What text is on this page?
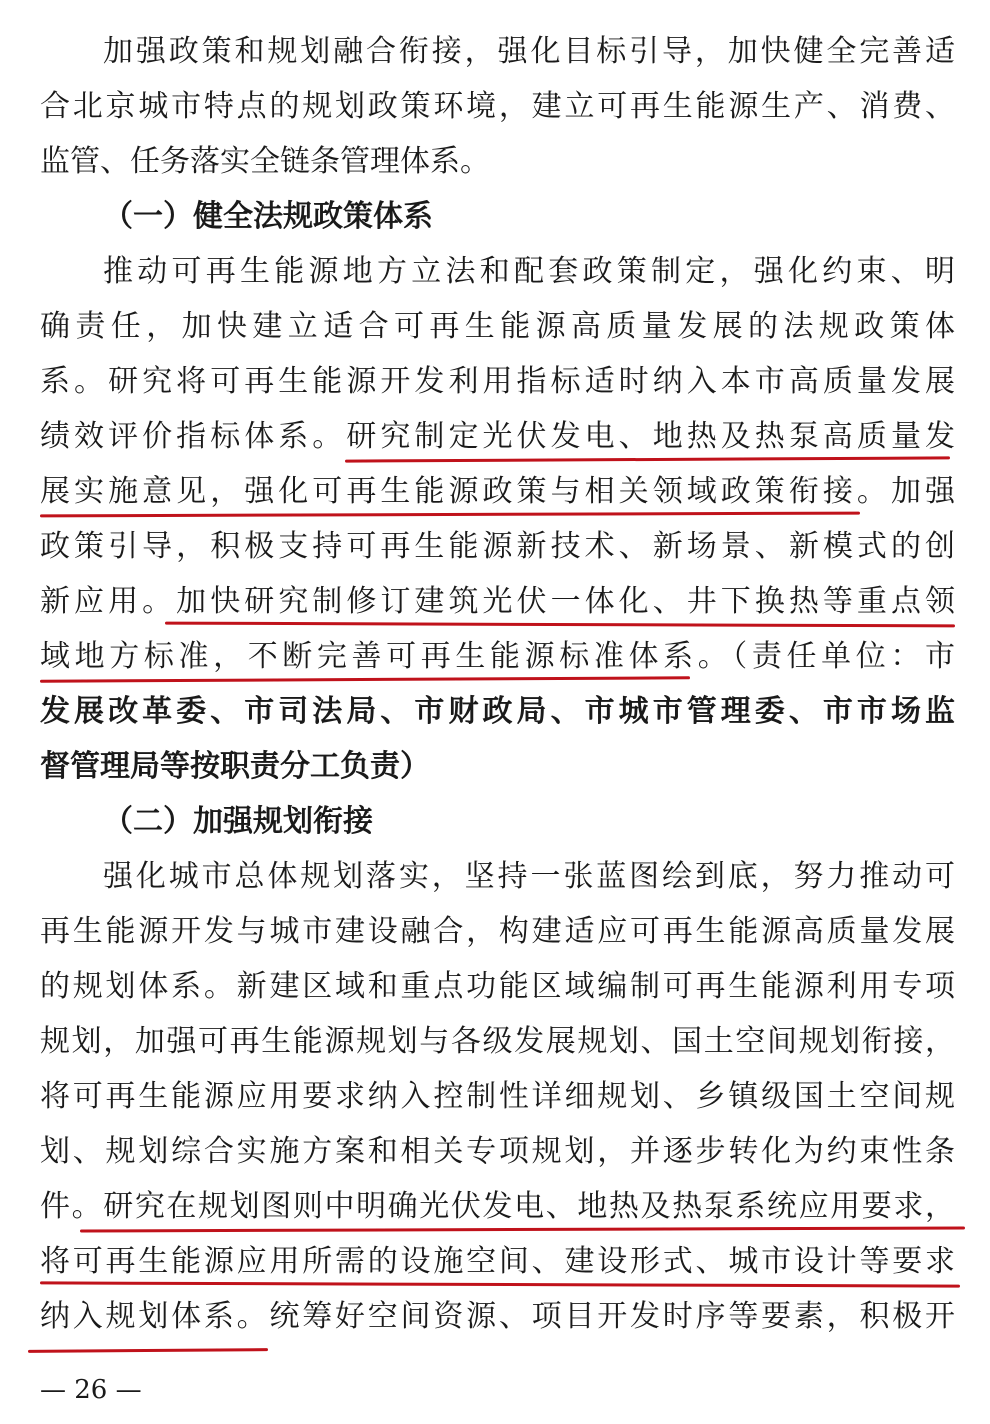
加强政策和规划融合衔接，强化目标引导，加快健全完善适
合北京城市特点的规划政策环境，建立可再生能源生产、消费、
监管、任务落实全链条管理体系。
（一）健全法规政策体系
推动可再生能源地方立法和配套政策制定，强化约束、明
确责任，加快建立适合可再生能源高质量发展的法规政策体
系。研究将可再生能源开发利用指标适时纳入本市高质量发展
绩效评价指标体系。研究制定光伏发电、地热及热泵高质量发
展实施意见，强化可再生能源政策与相关领域政策衔接。加强
政策引导，积极支持可再生能源新技术、新场景、新模式的创
新应用。加快研究制修订建筑光伏一体化、井下换热等重点领
域地方标准，不断完善可再生能源标准体系。（责任单位：市
发展改革委、市司法局、市财政局、市城市管理委、市市场监
督管理局等按职责分工负责）
（二）加强规划衔接
强化城市总体规划落实，坚持一张蓝图绘到底，努力推动可
再生能源开发与城市建设融合，构建适应可再生能源高质量发展
的规划体系。新建区域和重点功能区域编制可再生能源利用专项
规划，加强可再生能源规划与各级发展规划、国土空间规划衔接，
将可再生能源应用要求纳入控制性详细规划、乡镇级国土空间规
划、规划综合实施方案和相关专项规划，并逐步转化为约束性条
件。研究在规划图则中明确光伏发电、地热及热泵系统应用要求，
将可再生能源应用所需的设施空间、建设形式、城市设计等要求
纳入规划体系。统筹好空间资源、项目开发时序等要素，积极开
— 26 —
